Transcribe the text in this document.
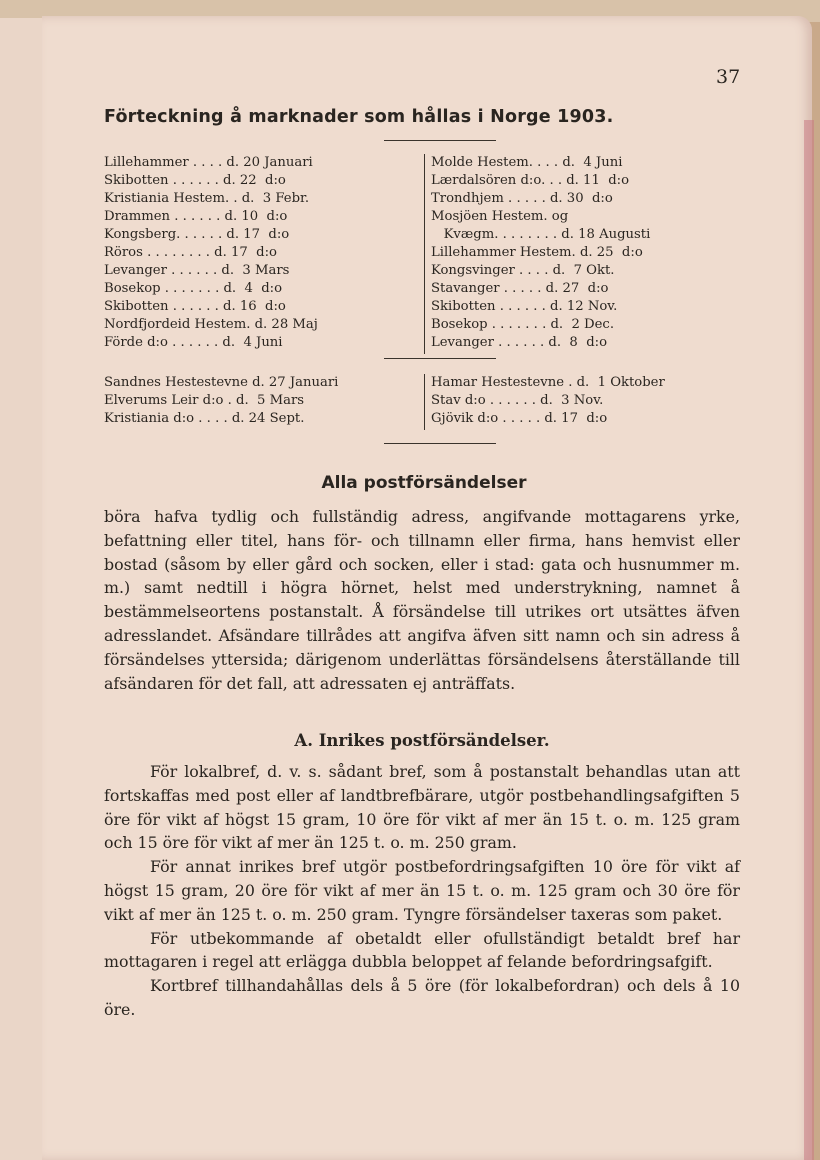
37
Förteckning å marknader som hållas i Norge 1903.
Lillehammer . . . . d. 20 Januari
Skibotten . . . . . . d. 22  d:o
Kristiania Hestem. . d.  3 Febr.
Drammen . . . . . . d. 10  d:o
Kongsberg. . . . . . d. 17  d:o
Röros . . . . . . . . d. 17  d:o
Levanger . . . . . . d.  3 Mars
Bosekop . . . . . . . d.  4  d:o
Skibotten . . . . . . d. 16  d:o
Nordfjordeid Hestem. d. 28 Maj
Förde d:o . . . . . . d.  4 Juni
Molde Hestem. . . . d.  4 Juni
Lærdalsören d:o. . . d. 11  d:o
Trondhjem . . . . . d. 30  d:o
Mosjöen Hestem. og
Kvægm. . . . . . . . d. 18 Augusti
Lillehammer Hestem. d. 25  d:o
Kongsvinger . . . . d.  7 Okt.
Stavanger . . . . . d. 27  d:o
Skibotten . . . . . . d. 12 Nov.
Bosekop . . . . . . . d.  2 Dec.
Levanger . . . . . . d.  8  d:o
Sandnes Hestestevne d. 27 Januari
Elverums Leir d:o . d.  5 Mars
Kristiania d:o . . . . d. 24 Sept.
Hamar Hestestevne . d.  1 Oktober
Stav d:o . . . . . . d.  3 Nov.
Gjövik d:o . . . . . d. 17  d:o
Alla postförsändelser

böra hafva tydlig och fullständig adress, angifvande mottagarens yrke, befattning eller titel, hans för- och tillnamn eller firma, hans hemvist eller bostad (såsom by eller gård och socken, eller i stad: gata och husnummer m. m.) samt nedtill i högra hörnet, helst med understrykning, namnet å bestämmelseortens postanstalt. Å försändelse till utrikes ort utsättes äfven adresslandet. Afsändare tillrådes att angifva äfven sitt namn och sin adress å försändelses yttersida; därigenom underlättas försändelsens återställande till afsändaren för det fall, att adressaten ej anträffats.

A. Inrikes postförsändelser.

För lokalbref, d. v. s. sådant bref, som å postanstalt behandlas utan att fortskaffas med post eller af landtbrefbärare, utgör postbehandlingsafgiften 5 öre för vikt af högst 15 gram, 10 öre för vikt af mer än 15 t. o. m. 125 gram och 15 öre för vikt af mer än 125 t. o. m. 250 gram.

För annat inrikes bref utgör postbefordringsafgiften 10 öre för vikt af högst 15 gram, 20 öre för vikt af mer än 15 t. o. m. 125 gram och 30 öre för vikt af mer än 125 t. o. m. 250 gram. Tyngre försändelser taxeras som paket.

För utbekommande af obetaldt eller ofullständigt betaldt bref har mottagaren i regel att erlägga dubbla beloppet af felande befordringsafgift.

Kortbref tillhandahållas dels å 5 öre (för lokalbefordran) och dels å 10 öre.
